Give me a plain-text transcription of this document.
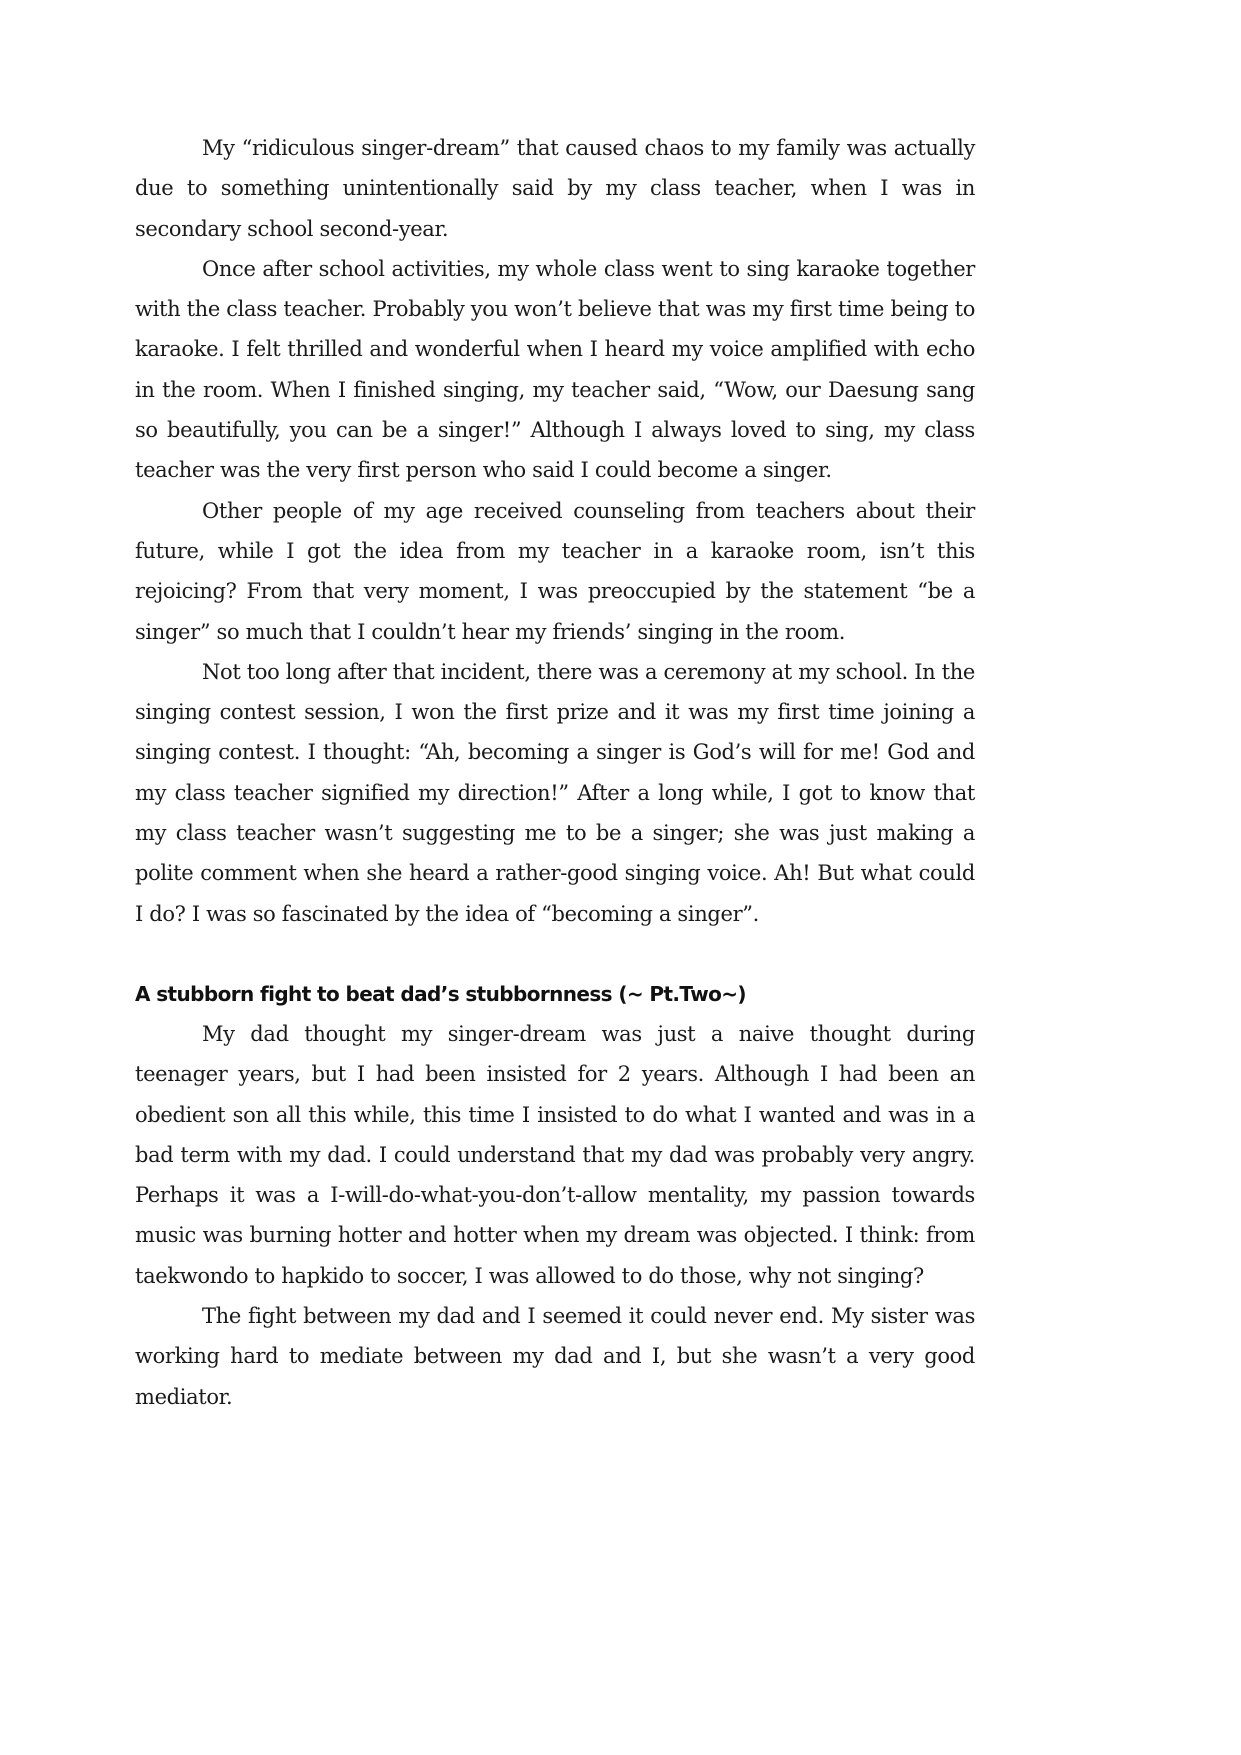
My “ridiculous singer-dream” that caused chaos to my family was actually due to something unintentionally said by my class teacher, when I was in secondary school second-year.

Once after school activities, my whole class went to sing karaoke together with the class teacher. Probably you won’t believe that was my first time being to karaoke. I felt thrilled and wonderful when I heard my voice amplified with echo in the room. When I finished singing, my teacher said, “Wow, our Daesung sang so beautifully, you can be a singer!” Although I always loved to sing, my class teacher was the very first person who said I could become a singer.

Other people of my age received counseling from teachers about their future, while I got the idea from my teacher in a karaoke room, isn’t this rejoicing? From that very moment, I was preoccupied by the statement “be a singer” so much that I couldn’t hear my friends’ singing in the room.

Not too long after that incident, there was a ceremony at my school. In the singing contest session, I won the first prize and it was my first time joining a singing contest. I thought: “Ah, becoming a singer is God’s will for me! God and my class teacher signified my direction!” After a long while, I got to know that my class teacher wasn’t suggesting me to be a singer; she was just making a polite comment when she heard a rather-good singing voice. Ah! But what could I do? I was so fascinated by the idea of “becoming a singer”.

A stubborn fight to beat dad’s stubbornness (~ Pt.Two~)

My dad thought my singer-dream was just a naive thought during teenager years, but I had been insisted for 2 years. Although I had been an obedient son all this while, this time I insisted to do what I wanted and was in a bad term with my dad. I could understand that my dad was probably very angry. Perhaps it was a I-will-do-what-you-don’t-allow mentality, my passion towards music was burning hotter and hotter when my dream was objected. I think: from taekwondo to hapkido to soccer, I was allowed to do those, why not singing?

The fight between my dad and I seemed it could never end. My sister was working hard to mediate between my dad and I, but she wasn’t a very good mediator.
